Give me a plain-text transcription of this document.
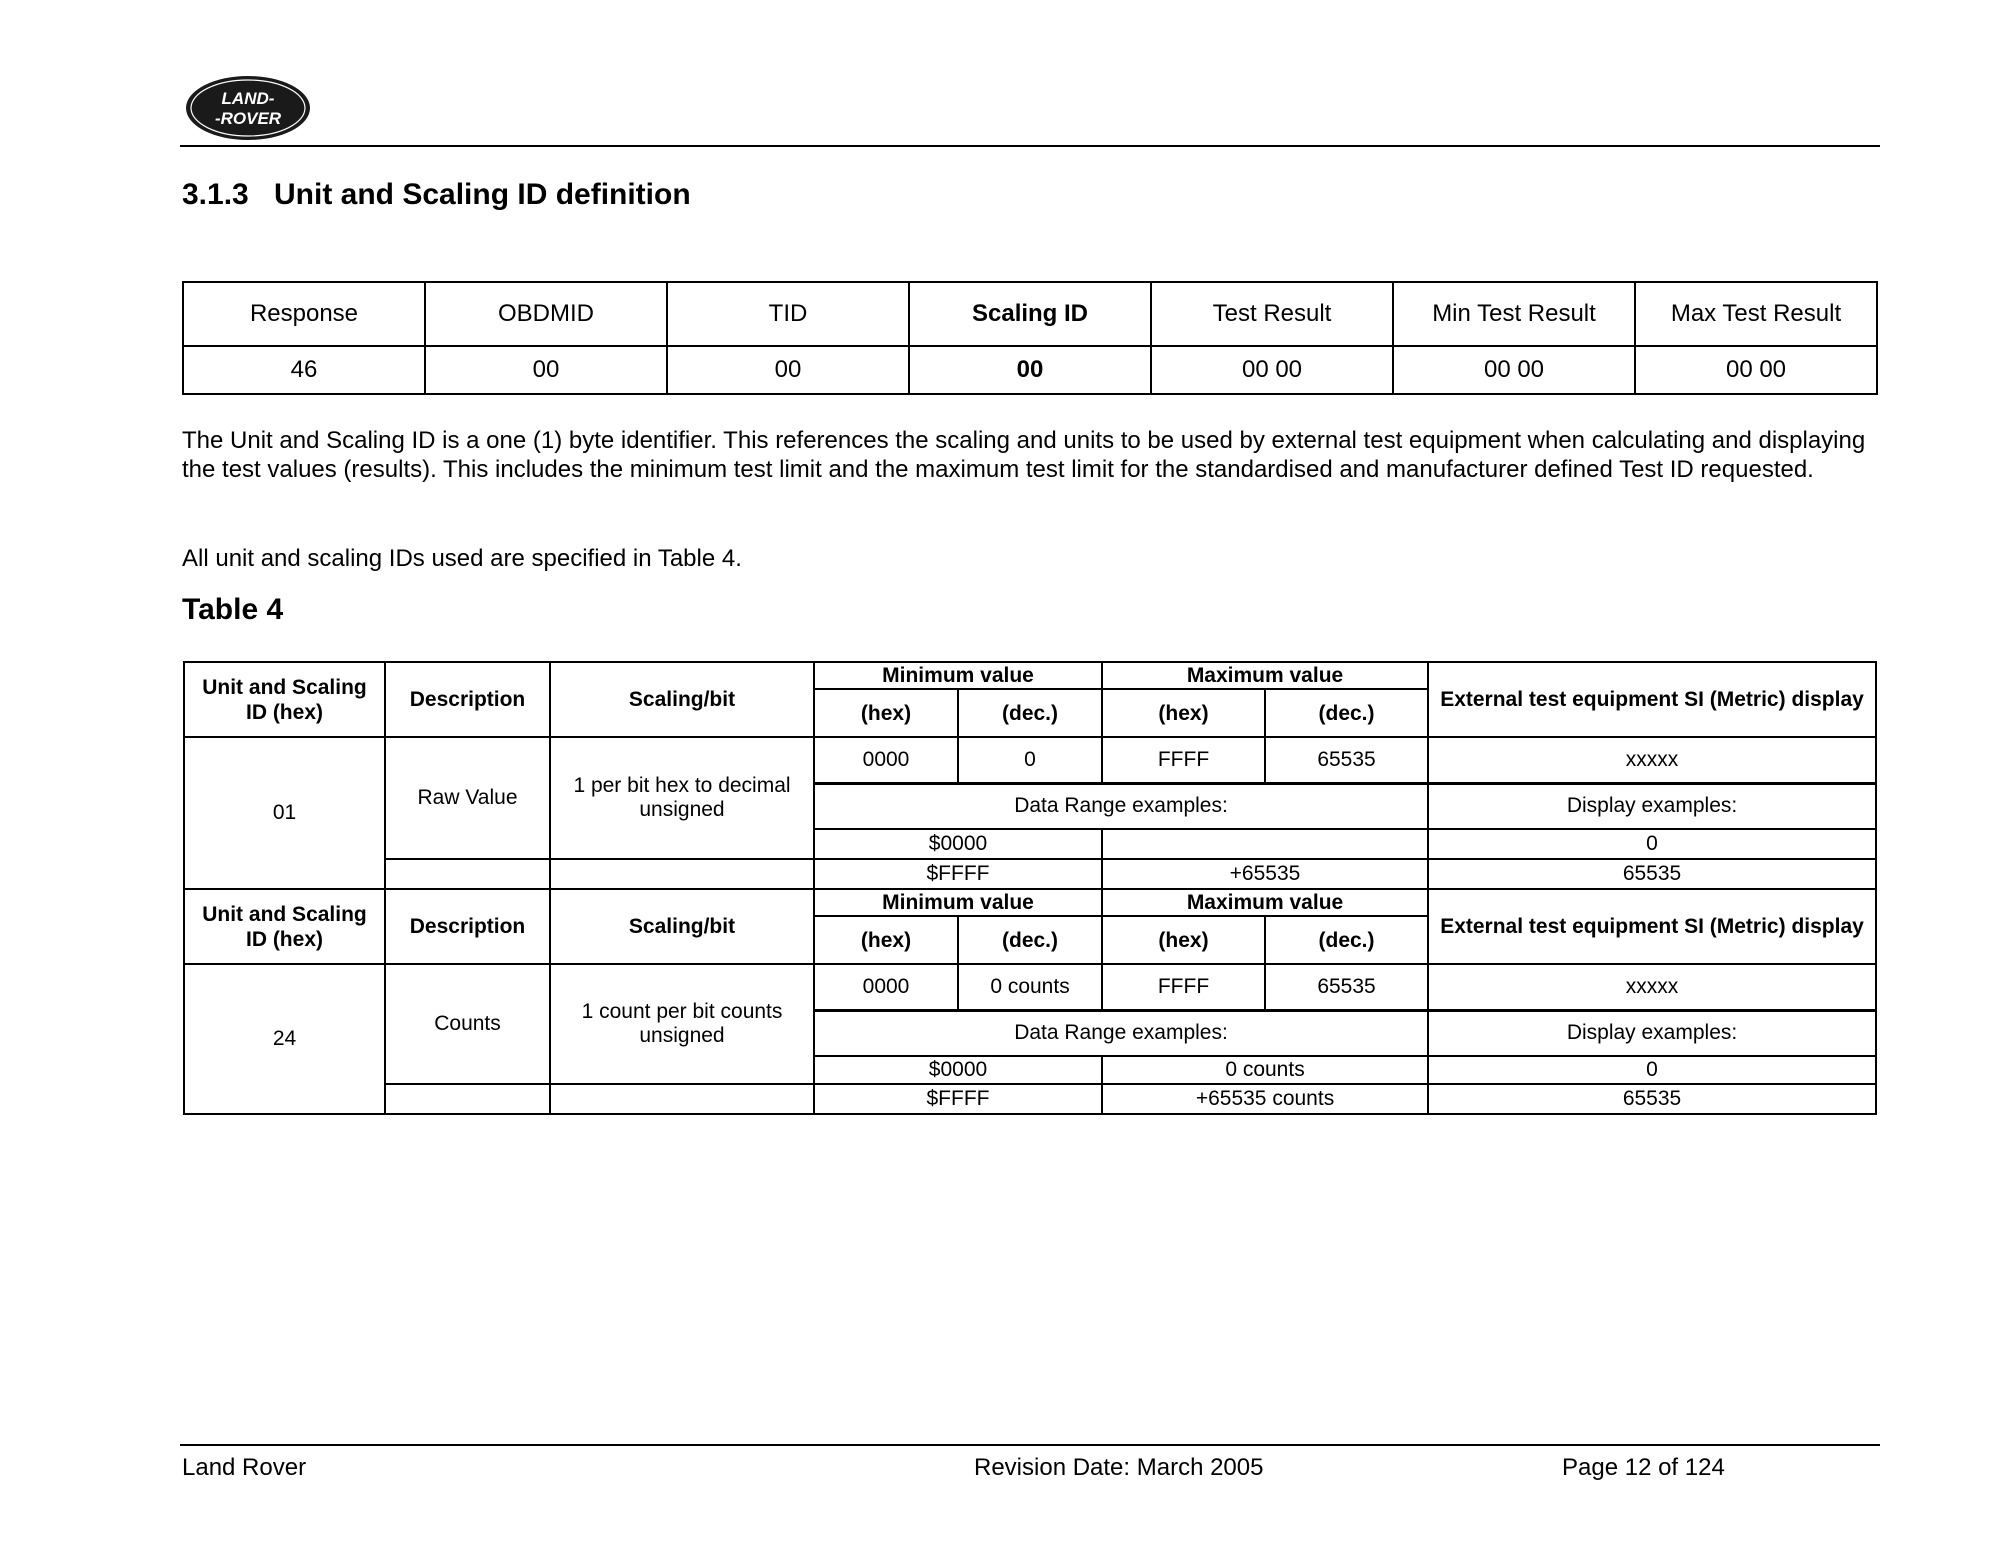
LAND-
-ROVER
3.1.3 Unit and Scaling ID definition
Response	OBDMID	TID	Scaling ID	Test Result	Min Test Result	Max Test Result
46	00	00	00	00 00	00 00	00 00

The Unit and Scaling ID is a one (1) byte identifier. This references the scaling and units to be used by external test equipment when calculating and displaying the test values (results). This includes the minimum test limit and the maximum test limit for the standardised and manufacturer defined Test ID requested.

All unit and scaling IDs used are specified in Table 4.

Table 4
Unit and Scaling ID (hex)	Description	Scaling/bit	Minimum value		Maximum value		External test equipment SI (Metric) display
			(hex)	(dec.)	(hex)	(dec.)	
01	Raw Value	1 per bit hex to decimal unsigned	0000	0	FFFF	65535	xxxxx
			Data Range examples:				Display examples:
			$0000				0
			$FFFF		+65535		65535
Unit and Scaling ID (hex)	Description	Scaling/bit	Minimum value		Maximum value		External test equipment SI (Metric) display
			(hex)	(dec.)	(hex)	(dec.)	
24	Counts	1 count per bit counts unsigned	0000	0 counts	FFFF	65535	xxxxx
			Data Range examples:				Display examples:
			$0000		0 counts		0
			$FFFF		+65535 counts		65535
Land Rover	Revision Date: March 2005	Page 12 of 124
